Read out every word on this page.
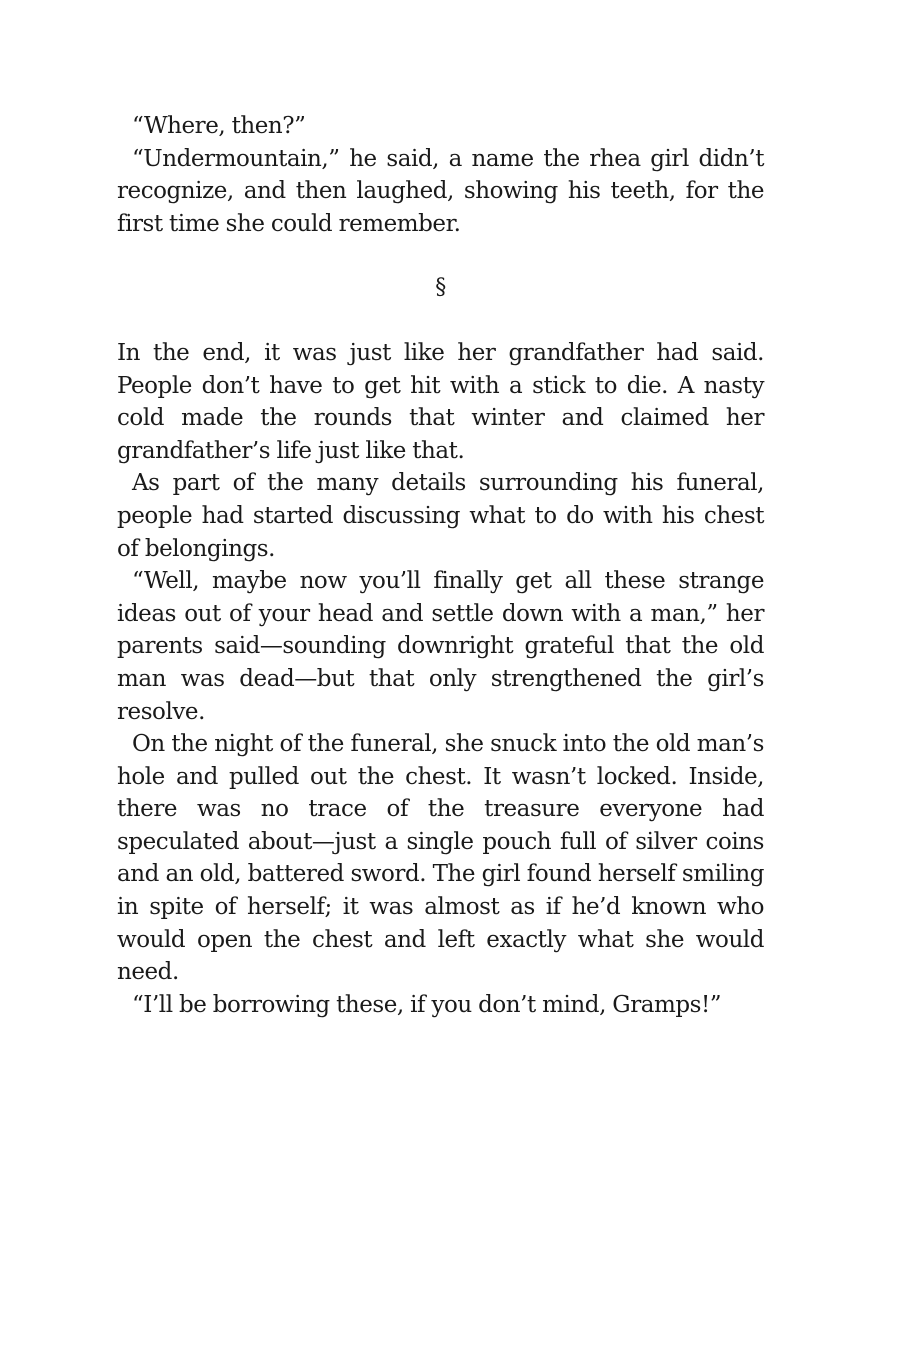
“Where, then?”

“Undermountain,” he said, a name the rhea girl didn’t recognize, and then laughed, showing his teeth, for the first time she could remember.

§

In the end, it was just like her grandfather had said. People don’t have to get hit with a stick to die. A nasty cold made the rounds that winter and claimed her grandfather’s life just like that.

As part of the many details surrounding his funeral, people had started discussing what to do with his chest of belongings.

“Well, maybe now you’ll finally get all these strange ideas out of your head and settle down with a man,” her parents said—sounding downright grateful that the old man was dead—but that only strengthened the girl’s resolve.

On the night of the funeral, she snuck into the old man’s hole and pulled out the chest. It wasn’t locked. Inside, there was no trace of the treasure everyone had speculated about—just a single pouch full of silver coins and an old, battered sword. The girl found herself smiling in spite of herself; it was almost as if he’d known who would open the chest and left exactly what she would need.

“I’ll be borrowing these, if you don’t mind, Gramps!”
